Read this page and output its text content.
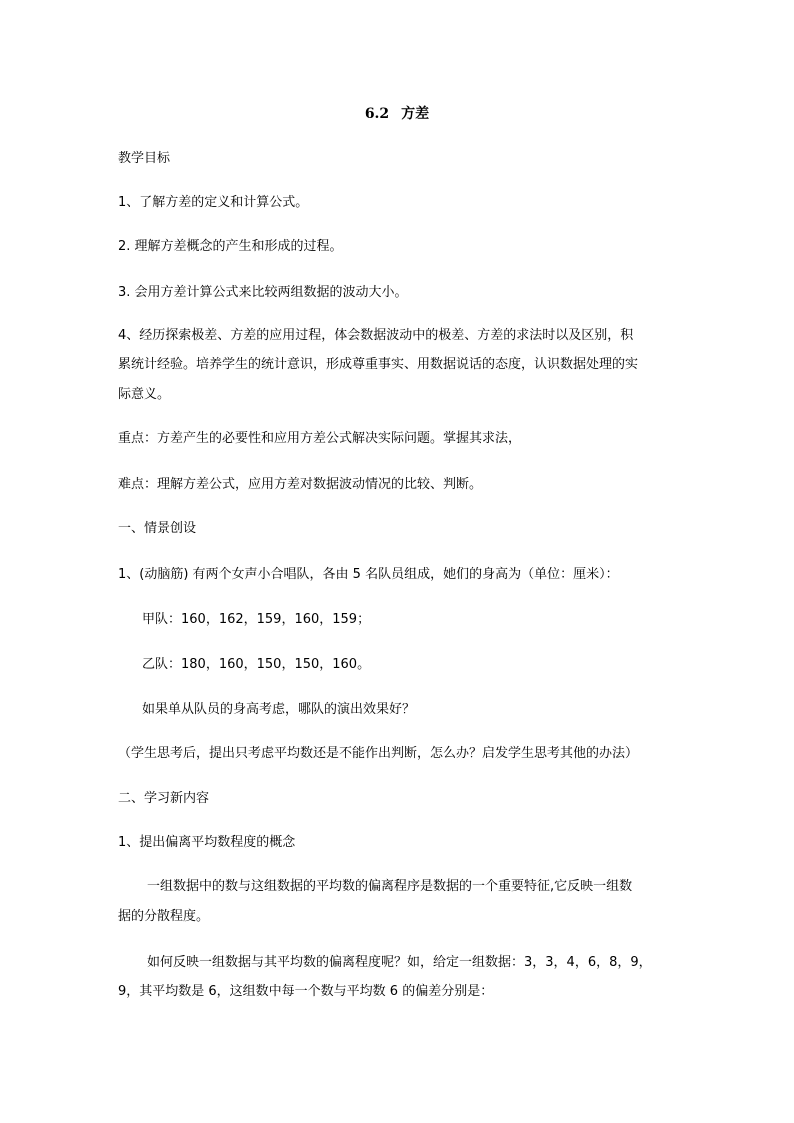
6.2 方差
教学目标
1、了解方差的定义和计算公式。
2. 理解方差概念的产生和形成的过程。
3. 会用方差计算公式来比较两组数据的波动大小。
4、经历探索极差、方差的应用过程，体会数据波动中的极差、方差的求法时以及区别，积
累统计经验。培养学生的统计意识，形成尊重事实、用数据说话的态度，认识数据处理的实
际意义。
重点：方差产生的必要性和应用方差公式解决实际问题。掌握其求法，
难点：理解方差公式，应用方差对数据波动情况的比较、判断。
一、情景创设
1、(动脑筋) 有两个女声小合唱队，各由 5 名队员组成，她们的身高为（单位：厘米）：
甲队：160，162，159，160，159；
乙队：180，160，150，150，160。
如果单从队员的身高考虑，哪队的演出效果好？
（学生思考后，提出只考虑平均数还是不能作出判断，怎么办？启发学生思考其他的办法）
二、学习新内容
1、提出偏离平均数程度的概念
一组数据中的数与这组数据的平均数的偏离程序是数据的一个重要特征,它反映一组数
据的分散程度。
如何反映一组数据与其平均数的偏离程度呢？如，给定一组数据：3，3，4，6，8，9，
9，其平均数是 6，这组数中每一个数与平均数 6 的偏差分别是：
